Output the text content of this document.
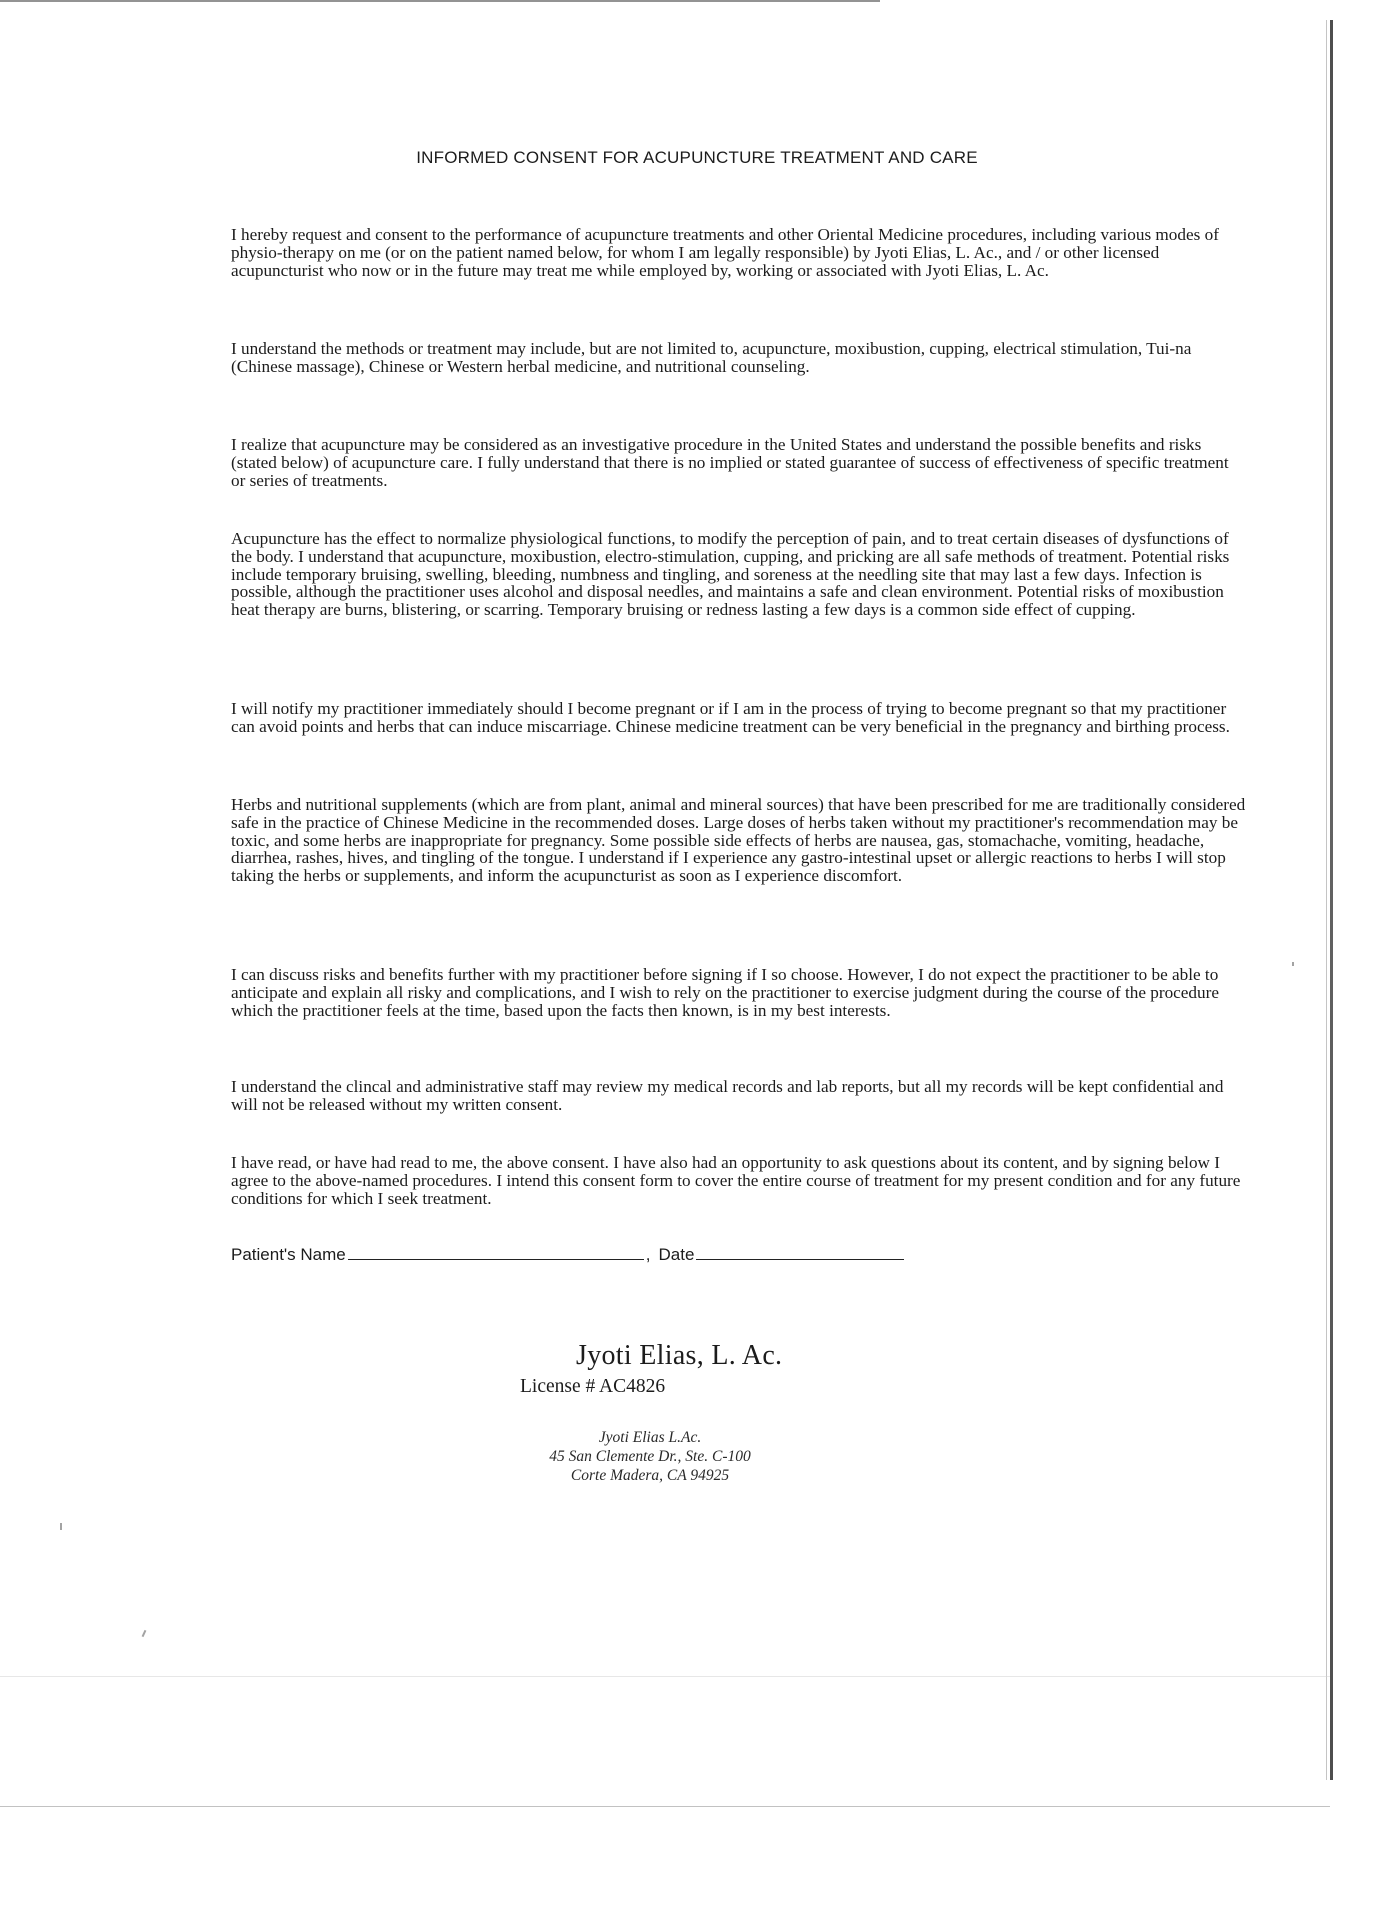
INFORMED CONSENT FOR ACUPUNCTURE TREATMENT AND CARE

I hereby request and consent to the performance of acupuncture treatments and other Oriental Medicine procedures, including various modes of physio-therapy on me (or on the patient named below, for whom I am legally responsible) by Jyoti Elias, L. Ac., and / or other licensed acupuncturist who now or in the future may treat me while employed by, working or associated with Jyoti Elias, L. Ac.

I understand the methods or treatment may include, but are not limited to, acupuncture, moxibustion, cupping, electrical stimulation, Tui-na (Chinese massage), Chinese or Western herbal medicine, and nutritional counseling.

I realize that acupuncture may be considered as an investigative procedure in the United States and understand the possible benefits and risks (stated below) of acupuncture care. I fully understand that there is no implied or stated guarantee of success of effectiveness of specific treatment or series of treatments.

Acupuncture has the effect to normalize physiological functions, to modify the perception of pain, and to treat certain diseases of dysfunctions of the body. I understand that acupuncture, moxibustion, electro-stimulation, cupping, and pricking are all safe methods of treatment. Potential risks include temporary bruising, swelling, bleeding, numbness and tingling, and soreness at the needling site that may last a few days. Infection is possible, although the practitioner uses alcohol and disposal needles, and maintains a safe and clean environment. Potential risks of moxibustion heat therapy are burns, blistering, or scarring. Temporary bruising or redness lasting a few days is a common side effect of cupping.

I will notify my practitioner immediately should I become pregnant or if I am in the process of trying to become pregnant so that my practitioner can avoid points and herbs that can induce miscarriage. Chinese medicine treatment can be very beneficial in the pregnancy and birthing process.

Herbs and nutritional supplements (which are from plant, animal and mineral sources) that have been prescribed for me are traditionally considered safe in the practice of Chinese Medicine in the recommended doses. Large doses of herbs taken without my practitioner's recommendation may be toxic, and some herbs are inappropriate for pregnancy. Some possible side effects of herbs are nausea, gas, stomachache, vomiting, headache, diarrhea, rashes, hives, and tingling of the tongue. I understand if I experience any gastro-intestinal upset or allergic reactions to herbs I will stop taking the herbs or supplements, and inform the acupuncturist as soon as I experience discomfort.

I can discuss risks and benefits further with my practitioner before signing if I so choose. However, I do not expect the practitioner to be able to anticipate and explain all risky and complications, and I wish to rely on the practitioner to exercise judgment during the course of the procedure which the practitioner feels at the time, based upon the facts then known, is in my best interests.

I understand the clincal and administrative staff may review my medical records and lab reports, but all my records will be kept confidential and will not be released without my written consent.

I have read, or have had read to me, the above consent. I have also had an opportunity to ask questions about its content, and by signing below I agree to the above-named procedures. I intend this consent form to cover the entire course of treatment for my present condition and for any future conditions for which I seek treatment.

Patient's Name	, Date

Jyoti Elias, L. Ac.

License # AC4826

Jyoti Elias L.Ac.
45 San Clemente Dr., Ste. C-100
Corte Madera, CA 94925
